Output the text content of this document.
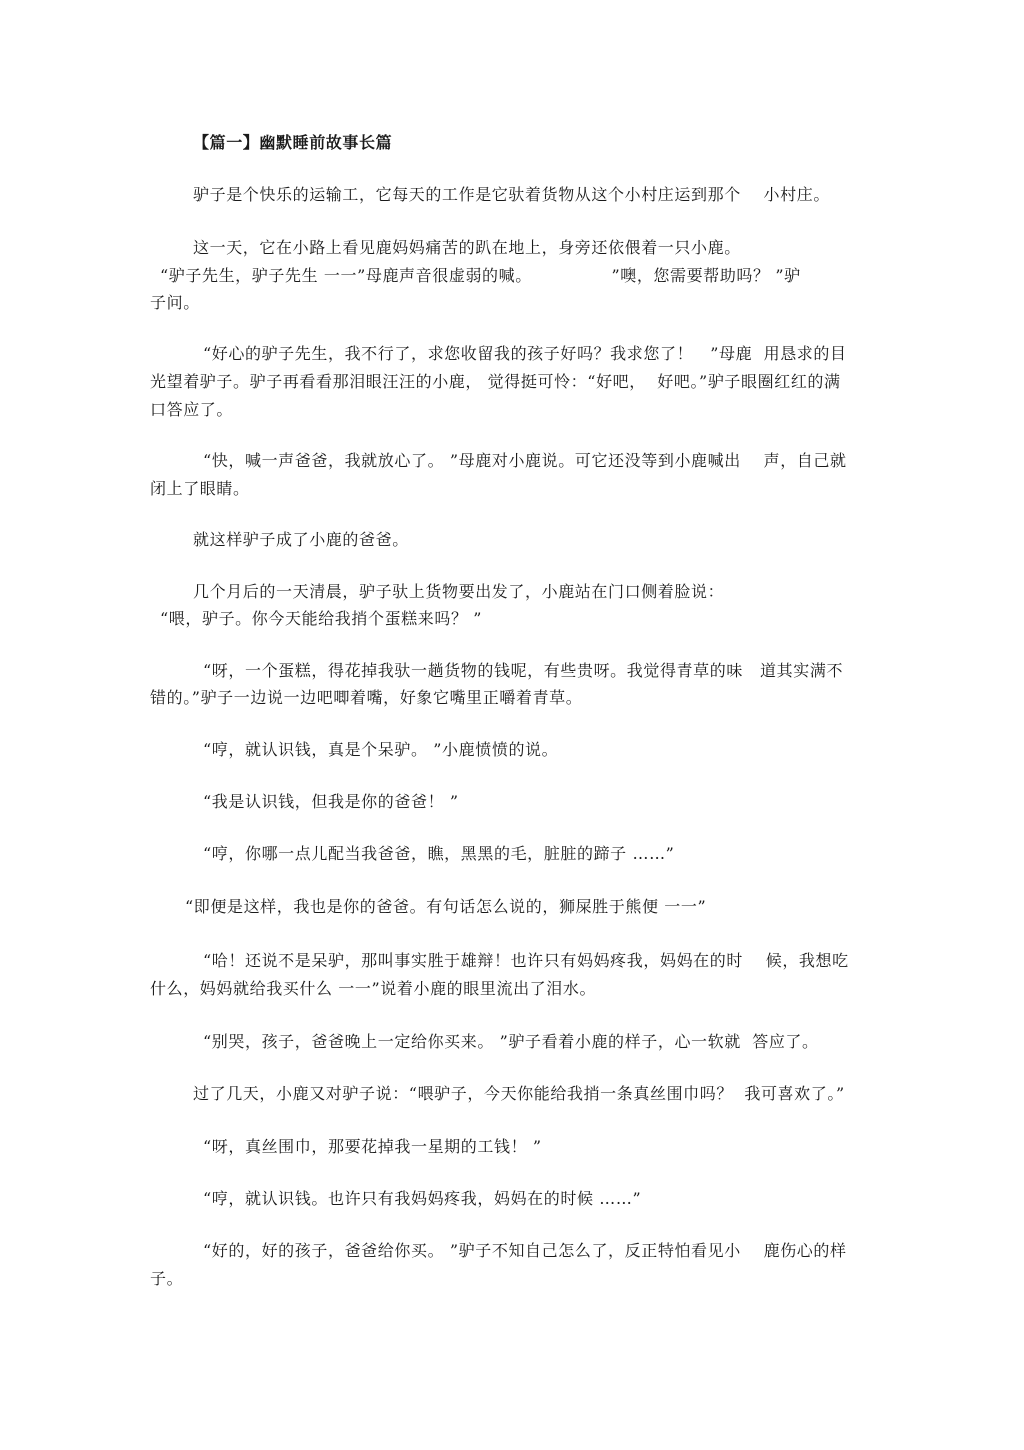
【篇一】幽默睡前故事长篇

驴子是个快乐的运输工，它每天的工作是它驮着货物从这个小村庄运到那个    小村庄。

这一天，它在小路上看见鹿妈妈痛苦的趴在地上，身旁还依偎着一只小鹿。

“驴子先生，驴子先生 一一”母鹿声音很虚弱的喊。              ”噢，您需要帮助吗？ ”驴

子问。

“好心的驴子先生，我不行了，求您收留我的孩子好吗？我求您了！   ”母鹿  用恳求的目

光望着驴子。驴子再看看那泪眼汪汪的小鹿， 觉得挺可怜：“好吧，  好吧。”驴子眼圈红红的满

口答应了。

“快，喊一声爸爸，我就放心了。 ”母鹿对小鹿说。可它还没等到小鹿喊出    声，自己就

闭上了眼睛。

就这样驴子成了小鹿的爸爸。

几个月后的一天清晨，驴子驮上货物要出发了，小鹿站在门口侧着脸说：

“喂，驴子。你今天能给我捎个蛋糕来吗？ ”

“呀，一个蛋糕，得花掉我驮一趟货物的钱呢，有些贵呀。我觉得青草的味   道其实满不

错的。”驴子一边说一边吧唧着嘴，好象它嘴里正嚼着青草。

“哼，就认识钱，真是个呆驴。 ”小鹿愤愤的说。

“我是认识钱，但我是你的爸爸！ ”

“哼，你哪一点儿配当我爸爸，瞧，黑黑的毛，脏脏的蹄子 ……”

“即便是这样，我也是你的爸爸。有句话怎么说的，狮屎胜于熊便 一一”

“哈！还说不是呆驴，那叫事实胜于雄辩！也许只有妈妈疼我，妈妈在的时    候，我想吃

什么，妈妈就给我买什么 一一”说着小鹿的眼里流出了泪水。

“别哭，孩子，爸爸晚上一定给你买来。 ”驴子看着小鹿的样子，心一软就  答应了。

过了几天，小鹿又对驴子说：“喂驴子，今天你能给我捎一条真丝围巾吗？  我可喜欢了。”

“呀，真丝围巾，那要花掉我一星期的工钱！ ”

“哼，就认识钱。也许只有我妈妈疼我，妈妈在的时候 ……”

“好的，好的孩子，爸爸给你买。 ”驴子不知自己怎么了，反正特怕看见小    鹿伤心的样

子。
